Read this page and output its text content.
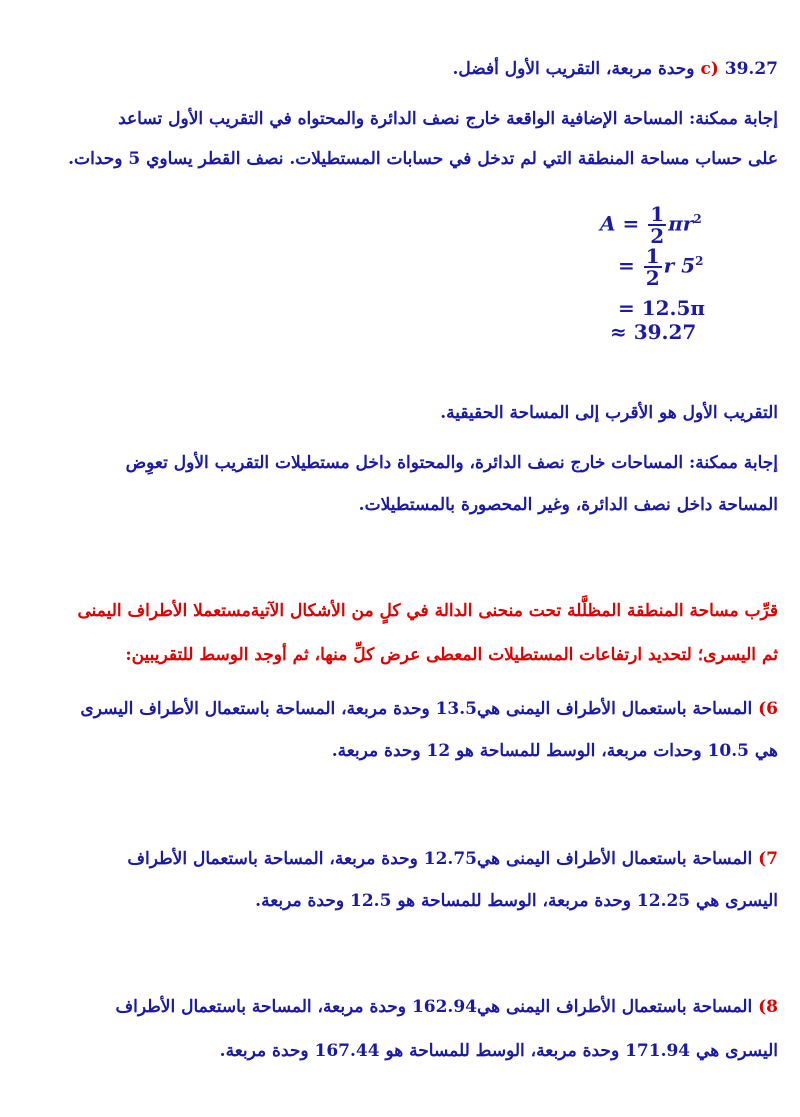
c) 39.27 وحدة مربعة، التقريب الأول أفضل.
إجابة ممكنة: المساحة الإضافية الواقعة خارج نصف الدائرة والمحتواه في التقريب الأول تساعد
على حساب مساحة المنطقة التي لم تدخل في حسابات المستطيلات. نصف القطر يساوي 5 وحدات.
$A = \frac{1}{2} \pi r^2$
= $\frac{1}{2}$ r $5^2$
= 12.5π
≈ 39.27
التقريب الأول هو الأقرب إلى المساحة الحقيقية.
إجابة ممكنة: المساحات خارج نصف الدائرة، والمحتواة داخل مستطيلات التقريب الأول تعوِض
المساحة داخل نصف الدائرة، وغير المحصورة بالمستطيلات.
قرِّب مساحة المنطقة المظلَّلة تحت منحنى الدالة في كلٍ من الأشكال الآتيةمستعملا الأطراف اليمنى
ثم اليسرى؛ لتحديد ارتفاعات المستطيلات المعطى عرض كلِّ منها، ثم أوجد الوسط للتقريبين:
6) المساحة باستعمال الأطراف اليمنى هي13.5 وحدة مربعة، المساحة باستعمال الأطراف اليسرى
هي 10.5 وحدات مربعة، الوسط للمساحة هو 12 وحدة مربعة.
7) المساحة باستعمال الأطراف اليمنى هي12.75 وحدة مربعة، المساحة باستعمال الأطراف
اليسرى هي 12.25 وحدة مربعة، الوسط للمساحة هو 12.5 وحدة مربعة.
8) المساحة باستعمال الأطراف اليمنى هي162.94 وحدة مربعة، المساحة باستعمال الأطراف
اليسرى هي 171.94 وحدة مربعة، الوسط للمساحة هو 167.44 وحدة مربعة.
